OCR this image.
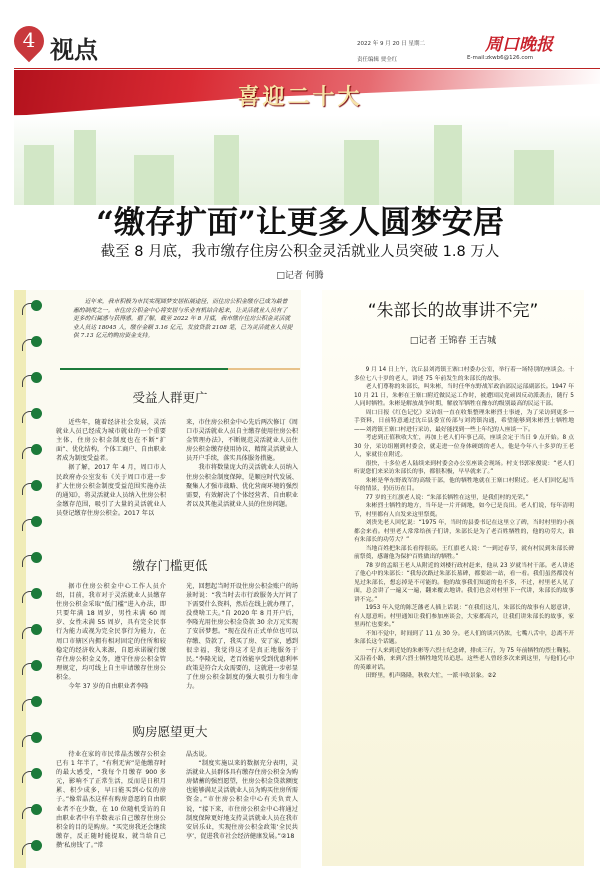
4 视点	2022 年 9 月 20 日 星期二
责任编辑 贾全红
周口晚报
E-mail:zkwb6@126.com
喜迎二十大
“缴存扩面”让更多人圆梦安居
截至 8 月底，我市缴存住房公积金灵活就业人员突破 1.8 万人
□记者 何腾
近年来，我市积极为市民实现圆梦安居拓展途径，而住房公积金缴存已成为最普惠的制度之一。市住房公积金中心将安居与乐业有机结合起来，让灵活就业人员有了更多的归属感与获得感。据了解，截至 2022 年 8 月底，我市缴存住房公积金灵活就业人员达 18045 人，缴存金额 3.16 亿元，发放贷款 2108 笔，已为灵活就业人员提供 7.13 亿元的购房资金支持。
受益人群更广

近些年，随着经济社会发展，灵活就业人员已经成为城市就业的一个重要主体，住房公积金制度也在不断“扩面”、优化结构，个体工商户、自由职业者成为制度受益者。

据了解，2017 年 4 月，周口市人民政府办公室发布《关于周口市进一步扩大住房公积金制度受益范围实施办法的通知》，将灵活就业人员纳入住房公积金缴存范围，吸引了大量的灵活就业人员登记缴存住房公积金。2017 年以

来，市住房公积金中心先后两次修订《周口市灵活就业人员自主缴存使用住房公积金管理办法》，不断规范灵活就业人员住房公积金缴存使用协议，精简灵活就业人员开户手续，落实具体服务措施。

我市将数量庞大的灵活就业人员纳入住房公积金制度保障，是顺应时代发展、聚集人才强市战略、优化营商环境的强烈需要，有效解决了个体经营者、自由职业者以及其他灵活就业人员的住房问题。

缴存门槛更低

据市住房公积金中心工作人员介绍，目前，我市对于灵活就业人员缴存住房公积金采取“低门槛”进入办法，即只要年满 18 周岁，男性未满 60 周岁、女性未满 55 周岁，具有完全民事行为能力或视为完全民事行为能力，在周口市辖区内拥有相对固定的住所和较稳定的经济收入来源，自愿承诺履行缴存住房公积金义务，遵守住房公积金管理规定，均可线上自主申请缴存住房公积金。

今年 37 岁的自由职业者李隆

光，回想起当时开设住房公积金账户的场景时说：“我当时去市行政服务大厅问了下需要什么资料，然后在线上就办理了，没费啥工夫。”自 2020 年 8 月开户后，李隆光用住房公积金贷款 30 余万元实现了安居梦想。“现在没有正式单位也可以存缴、贷款了，我买了房、安了家，感到很幸福，我觉得这才是真正地服务于民。”李隆光说，老百姓能享受到优惠利率政策是符合大众需要的，这就进一步彰显了住房公积金制度的强大吸引力和生命力。

购房愿望更大

待业在家的市民常晶杰缴存公积金已有 1 年半了，“有利无害”是他缴存时的最大感受，“我每个月缴存 900 多元，影响不了正常生活，反而是日积月累、积少成多，早日能买到心仪的房子。”像常晶杰这样有购房意愿的自由职业者不在少数，在 10 位随机受访的自由职业者中有半数表示自己缴存住房公积金的目的是购房。“买完房我还会继续缴存，反正随时能提取，就当给自己攒‘私房钱’了。”常

晶杰说。

“制度实施以来的数据充分表明，灵活就业人员群体具有缴存住房公积金为购房储蓄的强烈愿望，住房公积金贷款额度也能够满足灵活就业人员为购买住房所需资金。”市住房公积金中心有关负责人说，“接下来，市住房公积金中心将通过制度保障更好地支持灵活就业人员在我市安居乐业，实现住房公积金政策‘全民共享’，促进我市社会经济健康发展。”②18

“朱部长的故事讲不完”
□记者 王锦春 王吉城

9 月 14 日上午，沈丘县刘湾镇王寨口村委办公室，举行着一场特别的座谈会。十多位七八十岁的老人，讲述 75 年前发生的朱部长的故事。

老人们尊称的朱部长，叫朱彬，当时任华东野战军政治部民运部副部长。1947 年 10 月 21 日，朱彬在王寨口附近做民运工作时，被遭国民党顽固反动派袭击，随行 5 人同时牺牲。朱彬是解放战争时期，解放军牺牲在豫东的级别最高的民运干部。

周口日报《红色记忆》采访组一直在收集整理朱彬烈士事迹，为了采访到更多一手资料，日前特意通过沈丘县委宣传部与刘湾镇沟通，希望能够到朱彬烈士牺牲地——刘湾镇王寨口村进行采访，最好能找到一些上年纪的人座谈一下。

考虑到正值秋收大忙，再加上老人们年事已高，座谈会定于当日 9 点开始。8 点 30 分，采访组刚到村委会，就走进一位身体硬朗的老人，他是今年八十多岁的王老人，家就住在附近。

很快，十多位老人陆续来到村委会办公室座谈会现场。村支书郭家俊说：“老人们听说您们来采访朱部长的事，都很积极，早早就来了。”

朱彬是华东野战军的高级干部，他的牺牲地就在王寨口村附近。老人们回忆起当年的情景，仍历历在目。

77 岁的王红旗老人说：“朱部长牺牲在这里，是我们村的光荣。”

朱彬烈士牺牲的地方，当年是一片开阔地，如今已是良田。老人们说，每年清明节，村里都有人自发来这里祭奠。

刘贵先老人回忆说：“1975 年，当时的县委书记在这里立了碑，当时村里的小孩都会来看。村里老人常常给孩子们讲，朱部长是为了老百姓牺牲的，他的功劳大，谁有朱部长的功劳大？”

当地百姓把朱部长看得很高。王红旗老人说：“一到过春节，就有村民到朱部长碑前祭奠，感谢他为保护百姓做出的牺牲。”

78 岁的孟昭王老人从附近的刘楼行政村赶来，他从 23 岁就当村干部。老人讲述了他心中的朱部长：“我每次路过朱部长墓碑，都要站一站，看一看。我们虽然都没有见过朱部长，想忘掉是不可能的。他的故事我们知道的也不多，不过，村里老人见了面，总会讲了一遍又一遍，翻来覆去地讲。我们也会对村里下一代讲，朱部长的故事讲不完。”

1953 年入党的陈芝藩老人插上话说：“在我们这儿，朱部长的故事有人愿意讲，有人愿意听。村里通知让我们参加座谈会，大家都高兴，让我们讲朱部长的故事，家里再忙也要来。”

不知不觉中，时间到了 11 点 30 分。老人们的谈兴仍浓，七嘴八舌中，总离不开朱部长这个话题。

一行人来到近处的朱彬等六烈士纪念碑，排成三行，为 75 年前牺牲的烈士鞠躬。又沿着小路，来到六烈士牺牲地凭吊追思。这些老人曾经多次来到这里，与他们心中的英雄对话。

田野里，机声隆隆，秋收大忙，一派丰收景象。②2
